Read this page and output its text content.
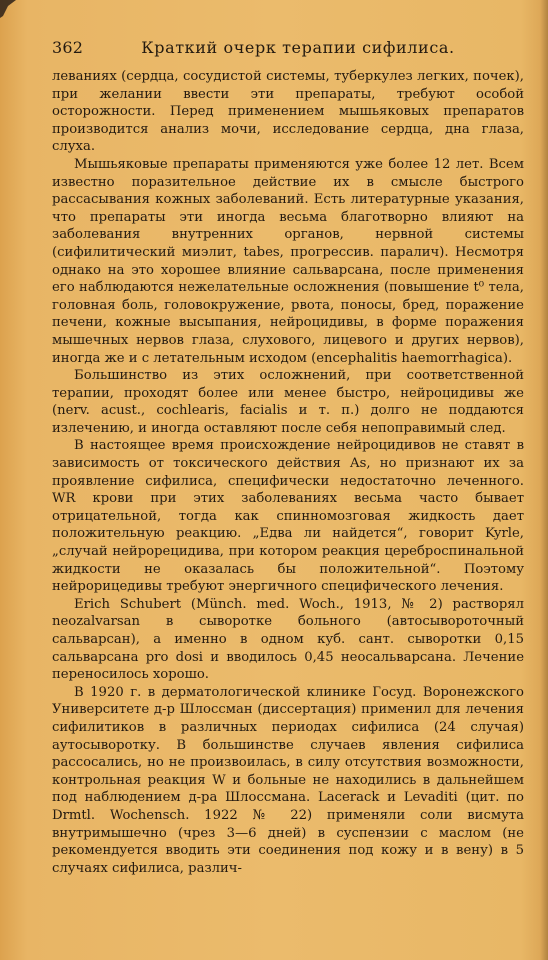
362	Краткий очерк терапии сифилиса.

леваниях (сердца, сосудистой системы, туберкулез легких, почек), при желании ввести эти препараты, требуют особой осторожности. Перед применением мышьяковых препаратов производится анализ мочи, исследование сердца, дна глаза, слуха.

Мышьяковые препараты применяются уже более 12 лет. Всем известно поразительное действие их в смысле быстрого рассасывания кожных заболеваний. Есть литературные указания, что препараты эти иногда весьма благотворно влияют на заболевания внутренних органов, нервной системы (сифилитический миэлит, tabes, прогрессив. паралич). Несмотря однако на это хорошее влияние сальварсана, после применения его наблюдаются нежелательные осложнения (повышение t⁰ тела, головная боль, головокружение, рвота, поносы, бред, поражение печени, кожные высыпания, нейроцидивы, в форме поражения мышечных нервов глаза, слухового, лицевого и других нервов), иногда же и с летательным исходом (encephalitis haemorrhagica).

Большинство из этих осложнений, при соответственной терапии, проходят более или менее быстро, нейроцидивы же (nerv. acust., cochlearis, facialis и т. п.) долго не поддаются излечению, и иногда оставляют после себя непоправимый след.

В настоящее время происхождение нейроцидивов не ставят в зависимость от токсического действия As, но признают их за проявление сифилиса, специфически недостаточно леченного. WR крови при этих заболеваниях весьма часто бывает отрицательной, тогда как спинномозговая жидкость дает положительную реакцию. „Едва ли найдется“, говорит Kyrle, „случай нейрорецидива, при котором реакция цереброспинальной жидкости не оказалась бы положительной“. Поэтому нейрорицедивы требуют энергичного специфического лечения.

Erich Schubert (Münch. med. Woch., 1913, № 2) растворял neozalvarsan в сыворотке больного (автосывороточный сальварсан), а именно в одном куб. сант. сыворотки 0,15 сальварсана pro dosi и вводилось 0,45 неосальварсана. Лечение переносилось хорошо.

В 1920 г. в дерматологической клинике Госуд. Воронежского Университете д-р Шлоссман (диссертация) применил для лечения сифилитиков в различных периодах сифилиса (24 случая) аутосыворотку. В большинстве случаев явления сифилиса рассосались, но не произвоилась, в силу отсутствия возможности, контрольная реакция W и больные не находились в дальнейшем под наблюдением д-ра Шлоссмана. Lacerack и Levaditi (цит. по Drmtl. Wochensch. 1922 № 22) применяли соли висмута внутримышечно (чрез 3—6 дней) в суспензии с маслом (не рекомендуется вводить эти соединения под кожу и в вену) в 5 случаях сифилиса, различ-
